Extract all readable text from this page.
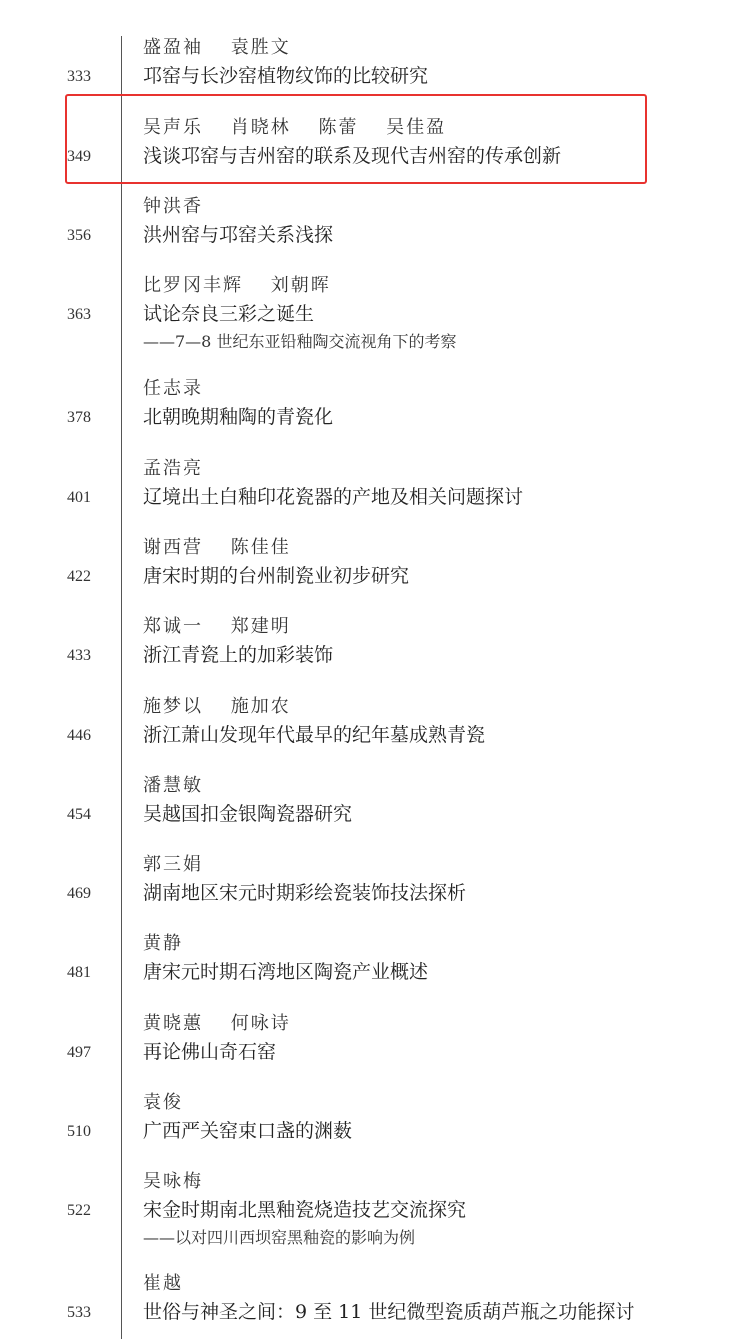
盛盈袖　 袁胜文
333	邛窑与长沙窑植物纹饰的比较研究
吴声乐　 肖晓林　 陈蕾　 吴佳盈
349	浅谈邛窑与吉州窑的联系及现代吉州窑的传承创新
钟洪香
356	洪州窑与邛窑关系浅探
比罗冈丰辉　 刘朝晖
363	试论奈良三彩之诞生
——7—8 世纪东亚铅釉陶交流视角下的考察
任志录
378	北朝晚期釉陶的青瓷化
孟浩亮
401	辽境出土白釉印花瓷器的产地及相关问题探讨
谢西营　 陈佳佳
422	唐宋时期的台州制瓷业初步研究
郑诚一　 郑建明
433	浙江青瓷上的加彩装饰
施梦以　 施加农
446	浙江萧山发现年代最早的纪年墓成熟青瓷
潘慧敏
454	吴越国扣金银陶瓷器研究
郭三娟
469	湖南地区宋元时期彩绘瓷装饰技法探析
黄静
481	唐宋元时期石湾地区陶瓷产业概述
黄晓蕙　 何咏诗
497	再论佛山奇石窑
袁俊
510	广西严关窑束口盏的渊薮
吴咏梅
522	宋金时期南北黑釉瓷烧造技艺交流探究
——以对四川西坝窑黑釉瓷的影响为例
崔越
533	世俗与神圣之间：9 至 11 世纪微型瓷质葫芦瓶之功能探讨
